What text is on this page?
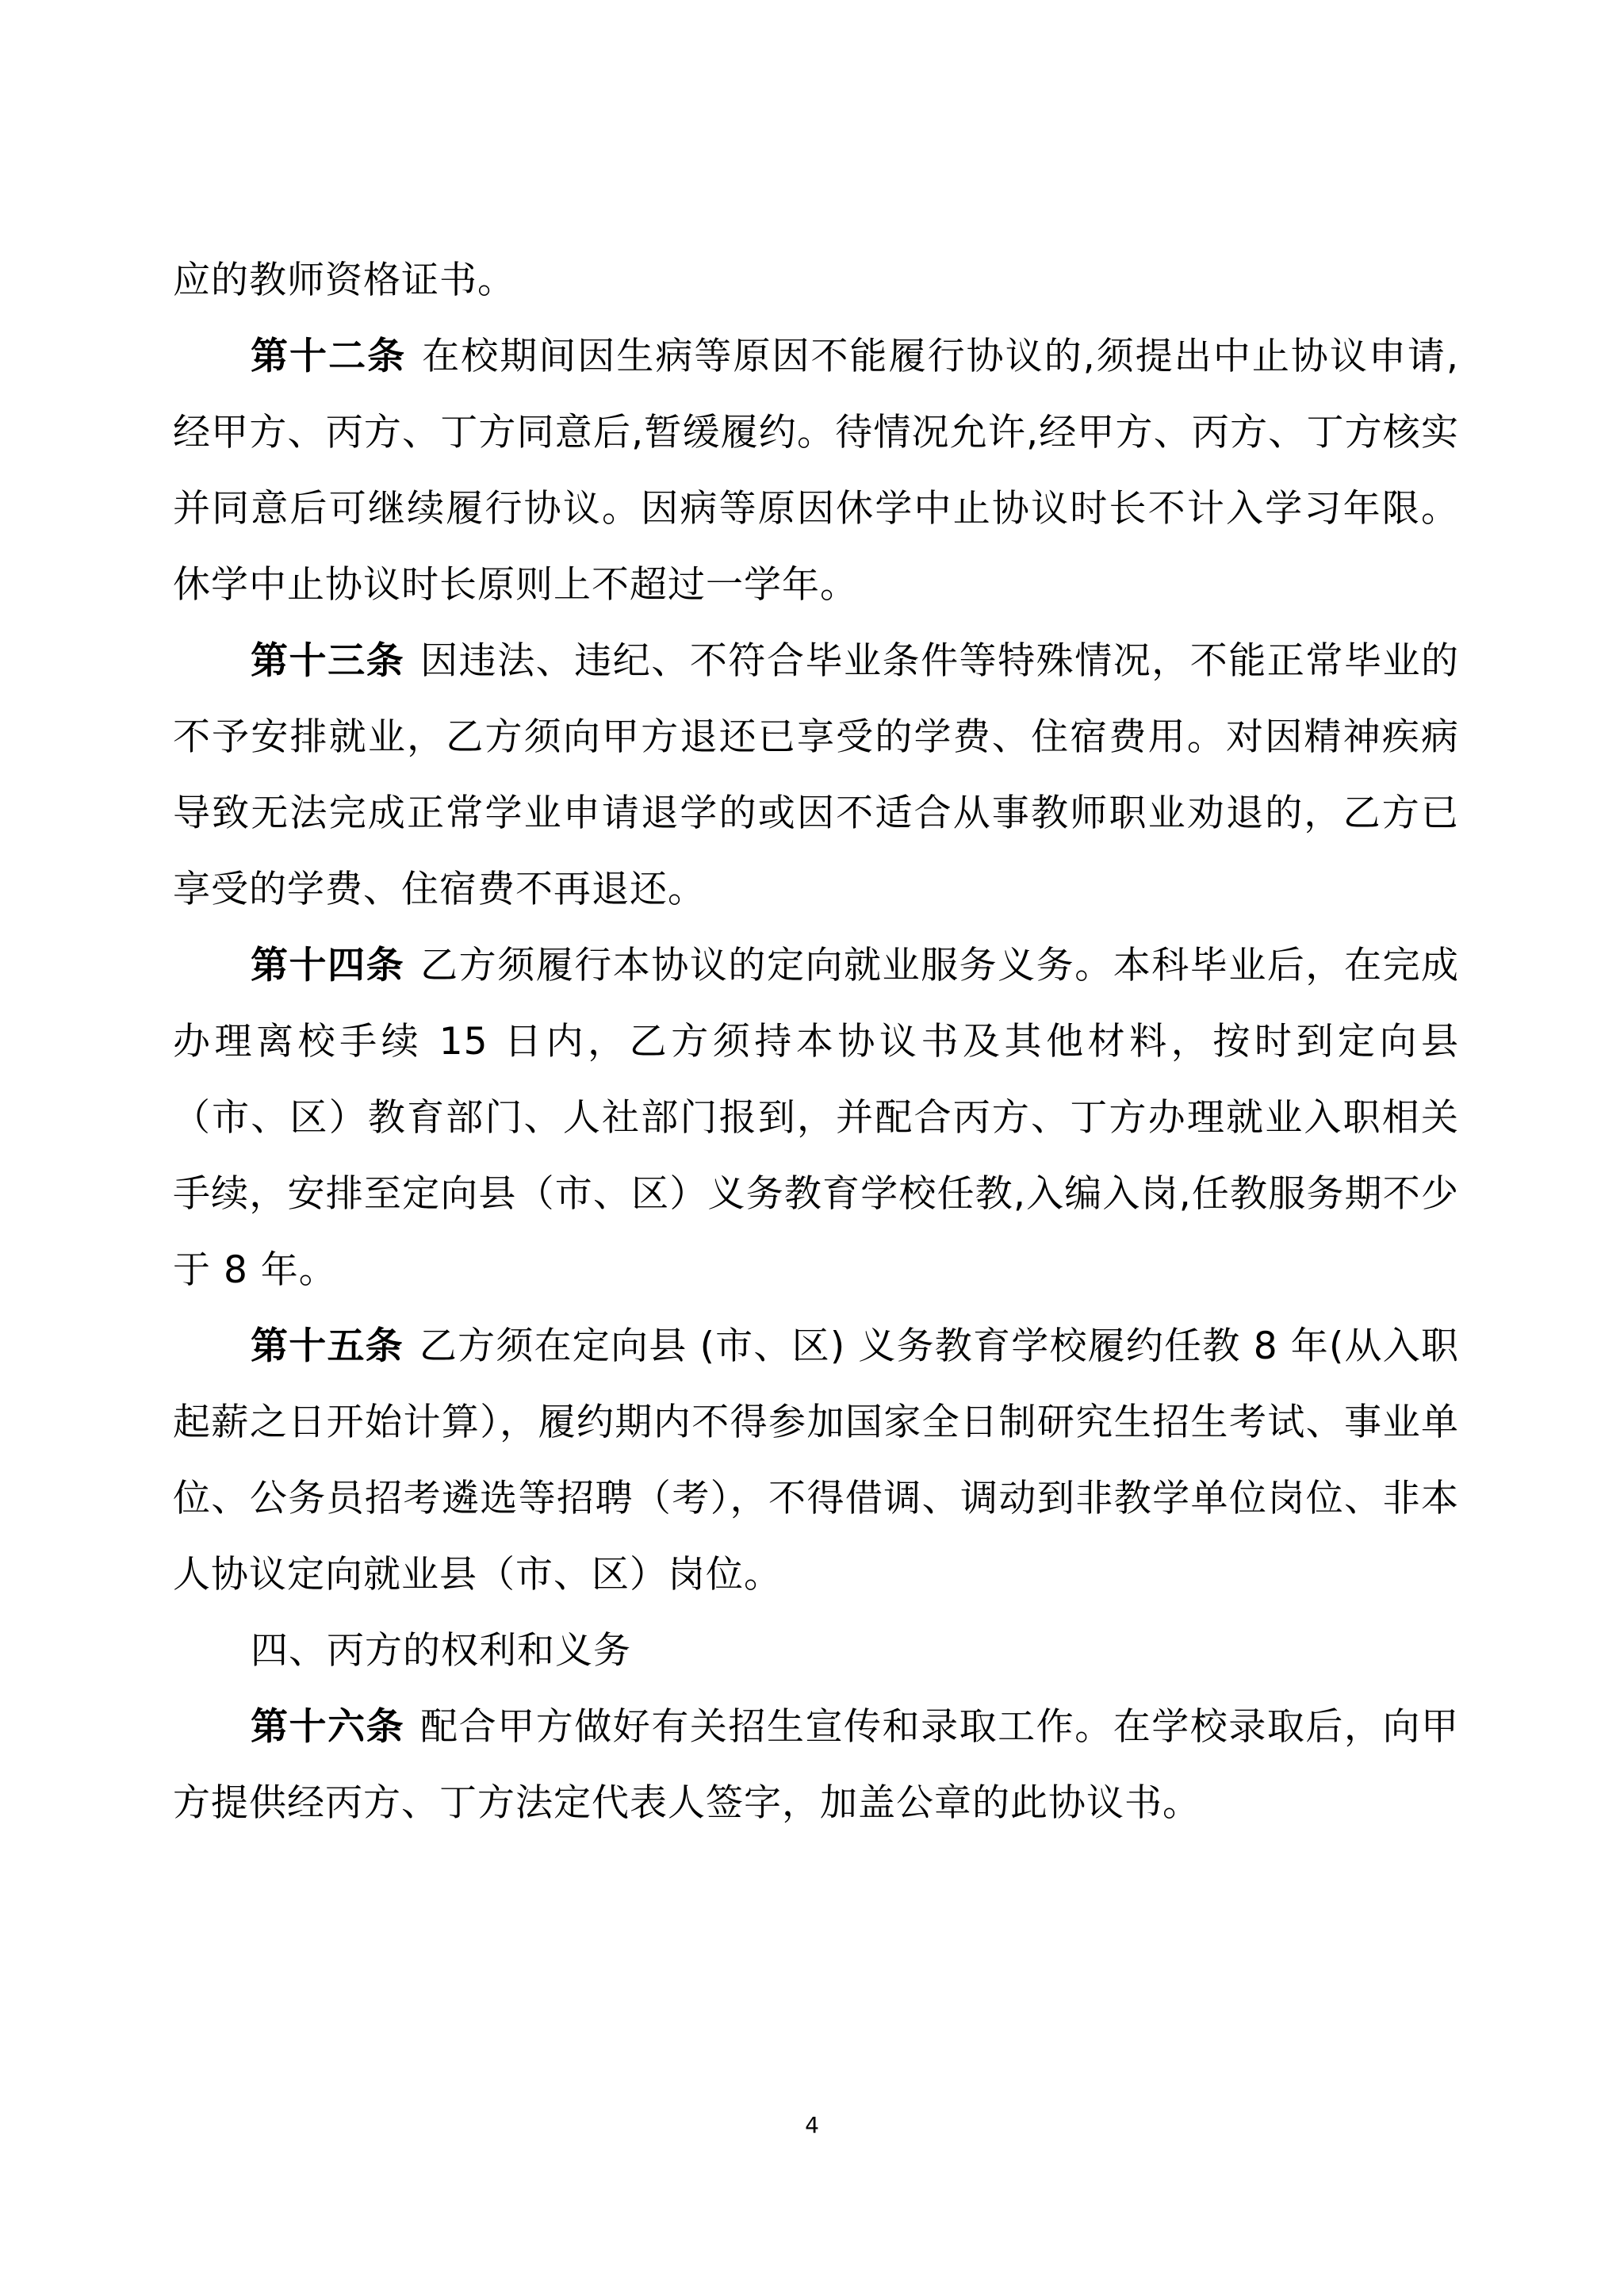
应的教师资格证书。

第十二条 在校期间因生病等原因不能履行协议的,须提出中止协议申请,经甲方、丙方、丁方同意后,暂缓履约。待情况允许,经甲方、丙方、丁方核实并同意后可继续履行协议。因病等原因休学中止协议时长不计入学习年限。休学中止协议时长原则上不超过一学年。

第十三条 因违法、违纪、不符合毕业条件等特殊情况，不能正常毕业的不予安排就业，乙方须向甲方退还已享受的学费、住宿费用。对因精神疾病导致无法完成正常学业申请退学的或因不适合从事教师职业劝退的，乙方已享受的学费、住宿费不再退还。

第十四条 乙方须履行本协议的定向就业服务义务。本科毕业后，在完成办理离校手续 15 日内，乙方须持本协议书及其他材料，按时到定向县（市、区）教育部门、人社部门报到，并配合丙方、丁方办理就业入职相关手续，安排至定向县（市、区）义务教育学校任教,入编入岗,任教服务期不少于 8 年。

第十五条 乙方须在定向县 (市、区) 义务教育学校履约任教 8 年(从入职起薪之日开始计算），履约期内不得参加国家全日制研究生招生考试、事业单位、公务员招考遴选等招聘（考），不得借调、调动到非教学单位岗位、非本人协议定向就业县（市、区）岗位。

四、丙方的权利和义务

第十六条 配合甲方做好有关招生宣传和录取工作。在学校录取后，向甲方提供经丙方、丁方法定代表人签字，加盖公章的此协议书。

4
